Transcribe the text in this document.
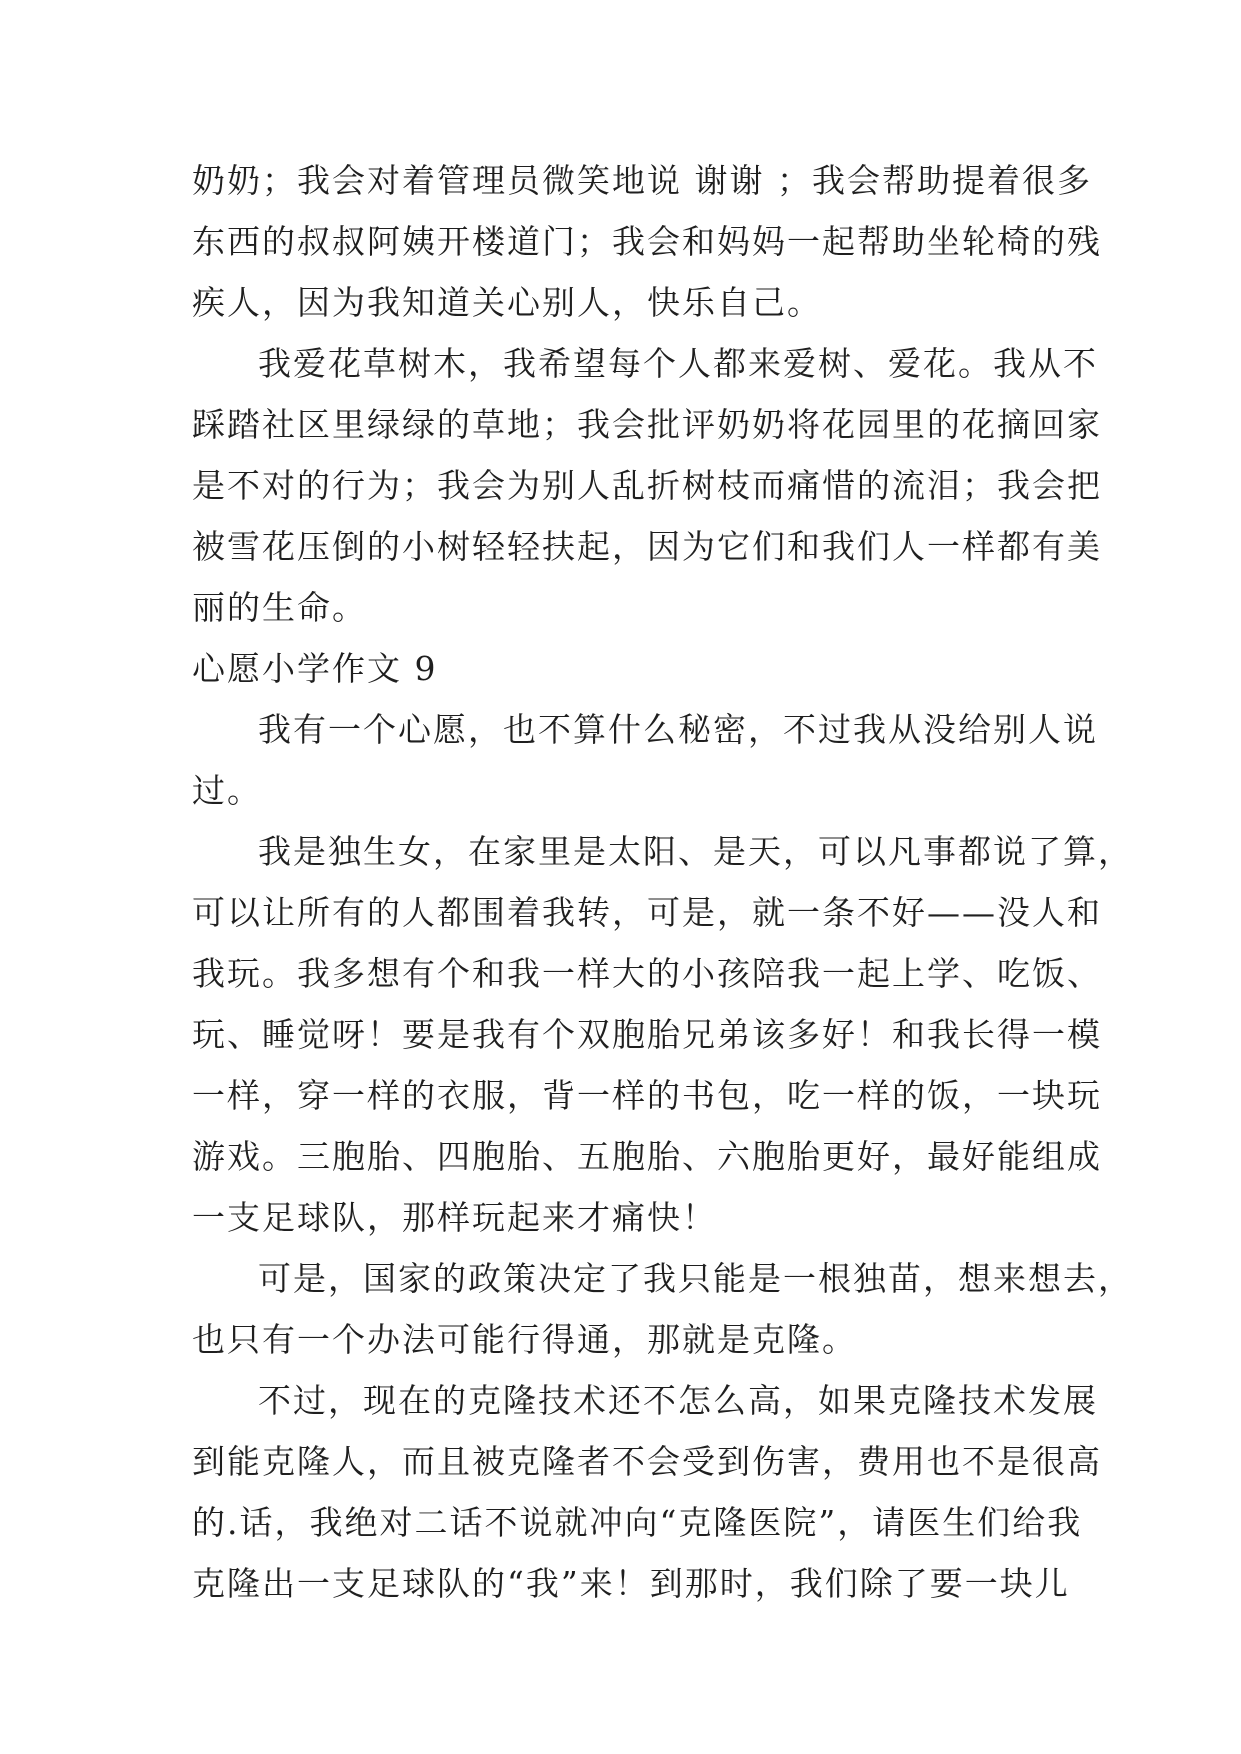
奶奶；我会对着管理员微笑地说 谢谢 ；我会帮助提着很多
东西的叔叔阿姨开楼道门；我会和妈妈一起帮助坐轮椅的残
疾人，因为我知道关心别人，快乐自己。
我爱花草树木，我希望每个人都来爱树、爱花。我从不
踩踏社区里绿绿的草地；我会批评奶奶将花园里的花摘回家
是不对的行为；我会为别人乱折树枝而痛惜的流泪；我会把
被雪花压倒的小树轻轻扶起，因为它们和我们人一样都有美
丽的生命。
心愿小学作文 9
我有一个心愿，也不算什么秘密，不过我从没给别人说
过。
我是独生女，在家里是太阳、是天，可以凡事都说了算，
可以让所有的人都围着我转，可是，就一条不好——没人和
我玩。我多想有个和我一样大的小孩陪我一起上学、吃饭、
玩、睡觉呀！要是我有个双胞胎兄弟该多好！和我长得一模
一样，穿一样的衣服，背一样的书包，吃一样的饭，一块玩
游戏。三胞胎、四胞胎、五胞胎、六胞胎更好，最好能组成
一支足球队，那样玩起来才痛快！
可是，国家的政策决定了我只能是一根独苗，想来想去，
也只有一个办法可能行得通，那就是克隆。
不过，现在的克隆技术还不怎么高，如果克隆技术发展
到能克隆人，而且被克隆者不会受到伤害，费用也不是很高
的.话，我绝对二话不说就冲向“克隆医院”，请医生们给我
克隆出一支足球队的“我”来！到那时，我们除了要一块儿
